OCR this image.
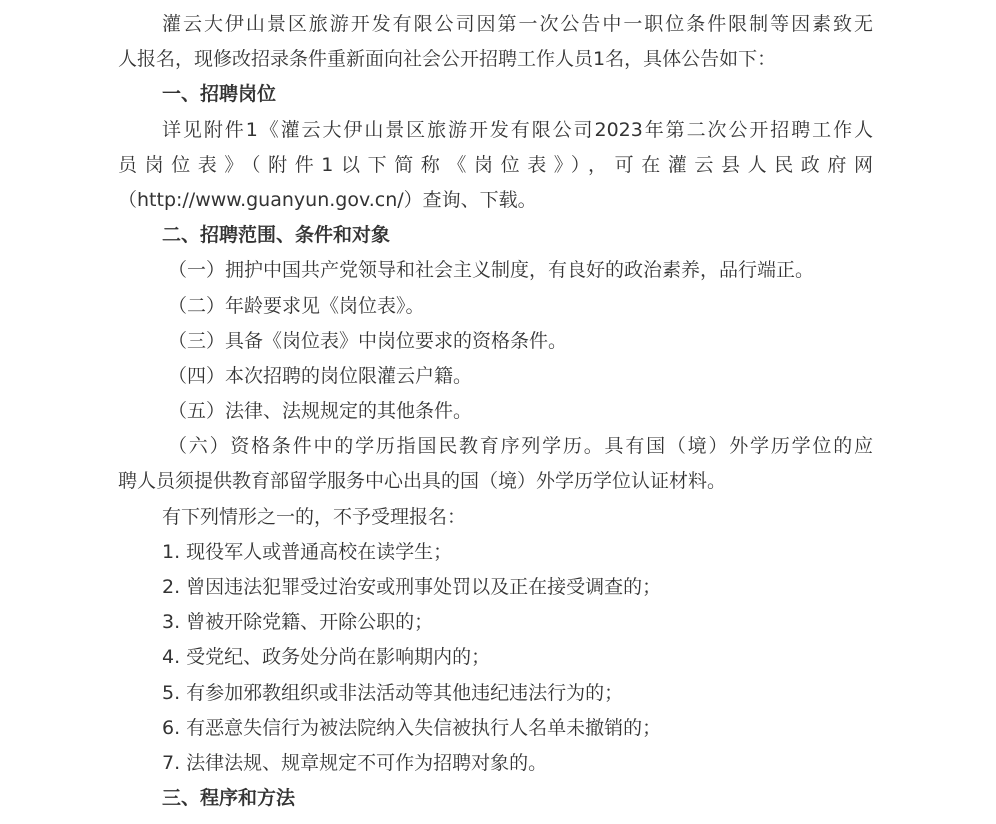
灌云大伊山景区旅游开发有限公司因第一次公告中一职位条件限制等因素致无
人报名，现修改招录条件重新面向社会公开招聘工作人员1名，具体公告如下：
一、招聘岗位
详见附件1《灌云大伊山景区旅游开发有限公司2023年第二次公开招聘工作人
员岗位表》（附件1以下简称《岗位表》），可在灌云县人民政府网
（http://www.guanyun.gov.cn/）查询、下载。
二、招聘范围、条件和对象
（一）拥护中国共产党领导和社会主义制度，有良好的政治素养，品行端正。
（二）年龄要求见《岗位表》。
（三）具备《岗位表》中岗位要求的资格条件。
（四）本次招聘的岗位限灌云户籍。
（五）法律、法规规定的其他条件。
（六）资格条件中的学历指国民教育序列学历。具有国（境）外学历学位的应
聘人员须提供教育部留学服务中心出具的国（境）外学历学位认证材料。
有下列情形之一的，不予受理报名：
1. 现役军人或普通高校在读学生；
2. 曾因违法犯罪受过治安或刑事处罚以及正在接受调查的；
3. 曾被开除党籍、开除公职的；
4. 受党纪、政务处分尚在影响期内的；
5. 有参加邪教组织或非法活动等其他违纪违法行为的；
6. 有恶意失信行为被法院纳入失信被执行人名单未撤销的；
7. 法律法规、规章规定不可作为招聘对象的。
三、程序和方法
